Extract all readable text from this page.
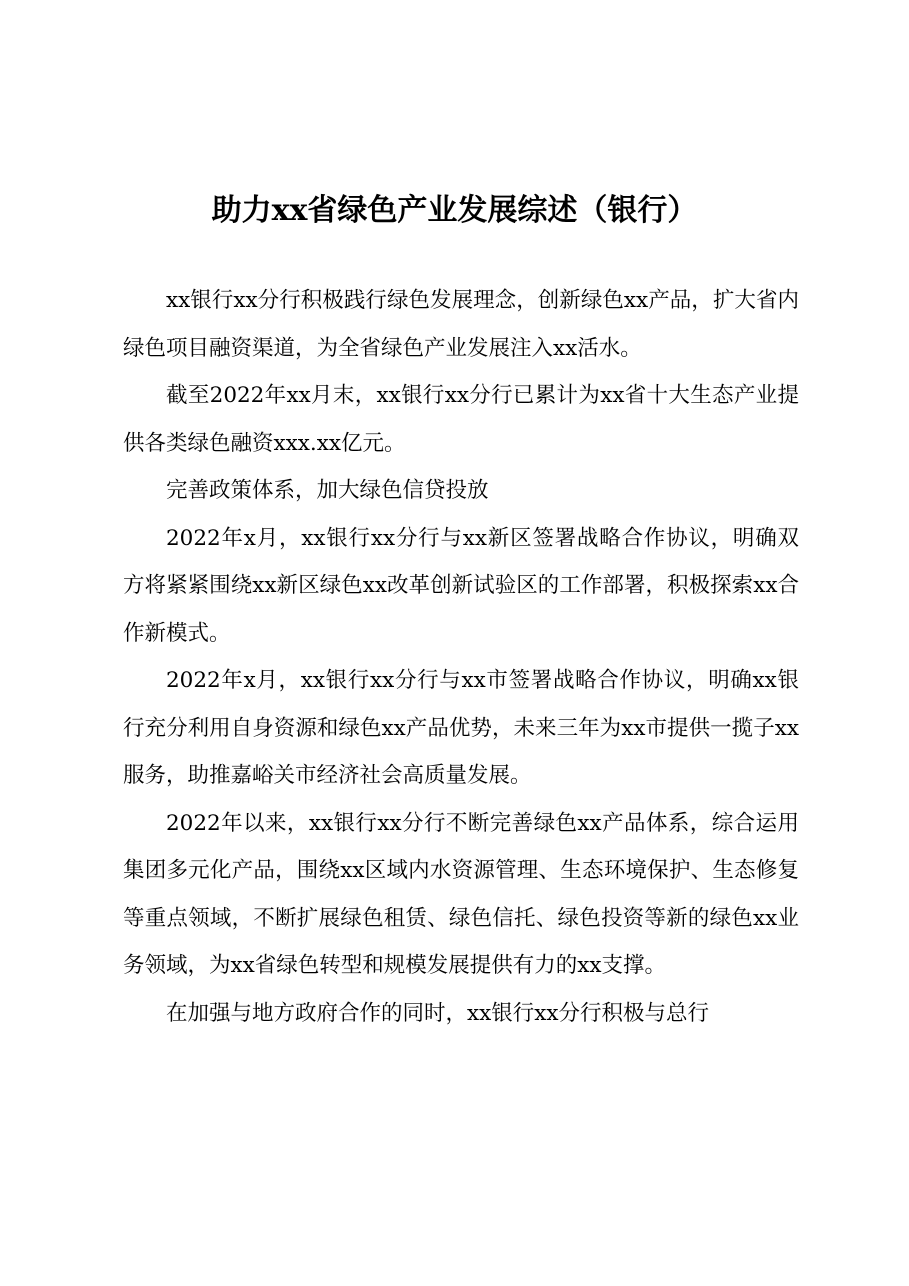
助力xx省绿色产业发展综述（银行）

xx银行xx分行积极践行绿色发展理念，创新绿色xx产品，扩大省内绿色项目融资渠道，为全省绿色产业发展注入xx活水。

截至2022年xx月末，xx银行xx分行已累计为xx省十大生态产业提供各类绿色融资xxx.xx亿元。

完善政策体系，加大绿色信贷投放

2022年x月，xx银行xx分行与xx新区签署战略合作协议，明确双方将紧紧围绕xx新区绿色xx改革创新试验区的工作部署，积极探索xx合作新模式。

2022年x月，xx银行xx分行与xx市签署战略合作协议，明确xx银行充分利用自身资源和绿色xx产品优势，未来三年为xx市提供一揽子xx服务，助推嘉峪关市经济社会高质量发展。

2022年以来，xx银行xx分行不断完善绿色xx产品体系，综合运用集团多元化产品，围绕xx区域内水资源管理、生态环境保护、生态修复等重点领域，不断扩展绿色租赁、绿色信托、绿色投资等新的绿色xx业务领域，为xx省绿色转型和规模发展提供有力的xx支撑。

在加强与地方政府合作的同时，xx银行xx分行积极与总行
